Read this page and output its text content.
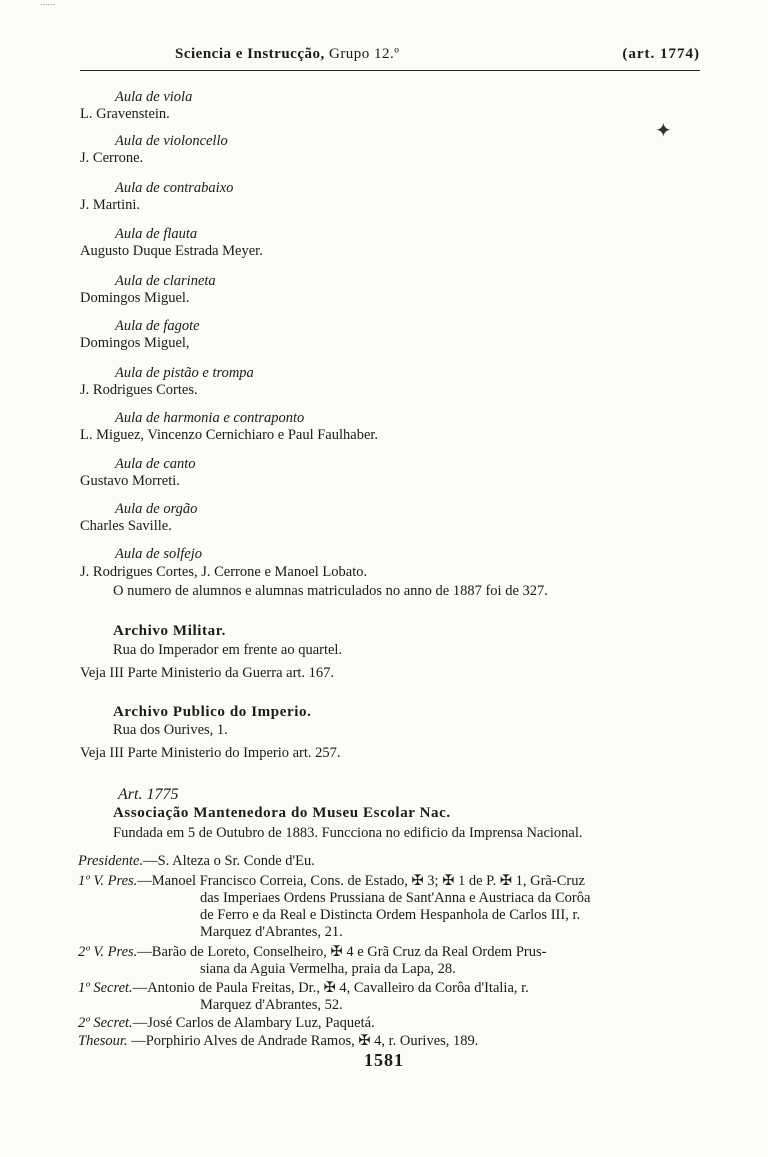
Sciencia e Instrucção, Grupo 12.º	(art. 1774)
Aula de viola
L. Gravenstein.
Aula de violoncello
J. Cerrone.
Aula de contrabaixo
J. Martini.
Aula de flauta
Augusto Duque Estrada Meyer.
Aula de clarineta
Domingos Miguel.
Aula de fagote
Domingos Miguel,
Aula de pistão e trompa
J. Rodrigues Cortes.
Aula de harmonia e contraponto
L. Miguez, Vincenzo Cernichiaro e Paul Faulhaber.
Aula de canto
Gustavo Morreti.
Aula de orgão
Charles Saville.
Aula de solfejo
J. Rodrigues Cortes, J. Cerrone e Manoel Lobato.
O numero de alumnos e alumnas matriculados no anno de 1887 foi de 327.
Archivo Militar.
Rua do Imperador em frente ao quartel.
Veja III Parte Ministerio da Guerra art. 167.
Archivo Publico do Imperio.
Rua dos Ourives, 1.
Veja III Parte Ministerio do Imperio art. 257.
Art. 1775
Associação Mantenedora do Museu Escolar Nac.
Fundada em 5 de Outubro de 1883. Funcciona no edificio da Imprensa Nacional.
Presidente.—S. Alteza o Sr. Conde d'Eu.
1º V. Pres.—Manoel Francisco Correia, Cons. de Estado, ✠ 3; ✠ 1 de P. ✠ 1, Grã-Cruz
das Imperiaes Ordens Prussiana de Sant'Anna e Austriaca da Corôa
de Ferro e da Real e Distincta Ordem Hespanhola de Carlos III, r.
Marquez d'Abrantes, 21.
2º V. Pres.—Barão de Loreto, Conselheiro, ✠ 4 e Grã Cruz da Real Ordem Prus-
siana da Aguia Vermelha, praia da Lapa, 28.
1º Secret.—Antonio de Paula Freitas, Dr., ✠ 4, Cavalleiro da Corôa d'Italia, r.
Marquez d'Abrantes, 52.
2º Secret.—José Carlos de Alambary Luz, Paquetá.
Thesour. —Porphirio Alves de Andrade Ramos, ✠ 4, r. Ourives, 189.
1581
✦
∙∙∙∙∙∙
